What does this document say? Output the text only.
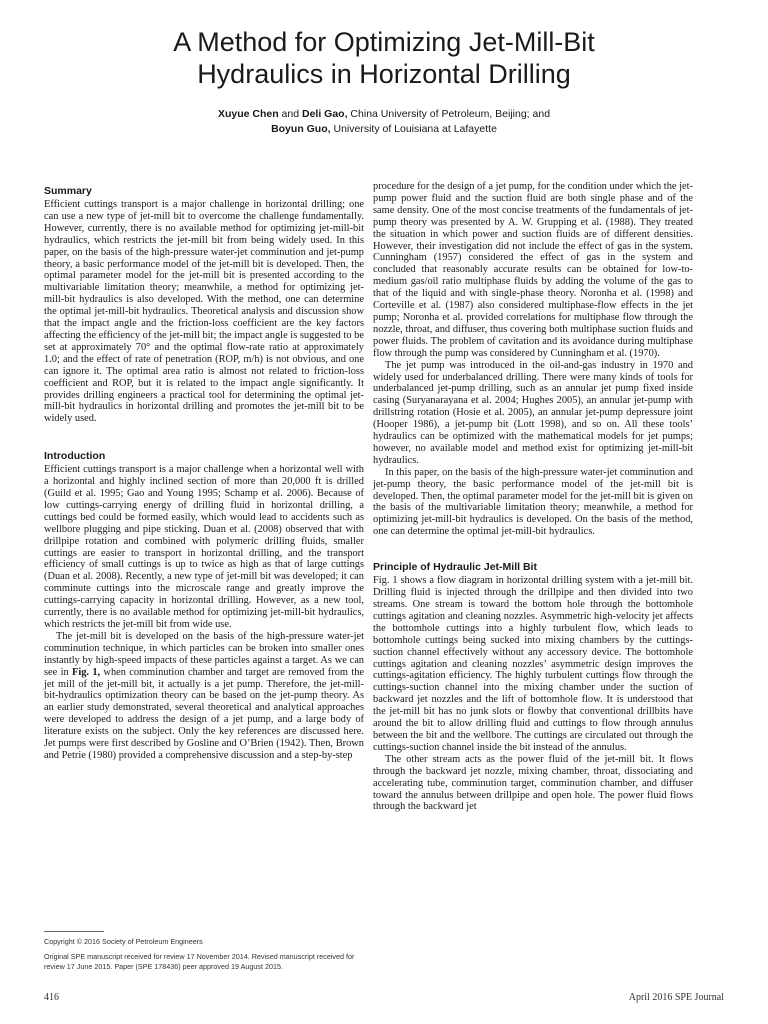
A Method for Optimizing Jet-Mill-Bit
Hydraulics in Horizontal Drilling
Xuyue Chen and Deli Gao, China University of Petroleum, Beijing; and
Boyun Guo, University of Louisiana at Lafayette
Summary

Efficient cuttings transport is a major challenge in horizontal drilling; one can use a new type of jet-mill bit to overcome the challenge fundamentally. However, currently, there is no available method for optimizing jet-mill-bit hydraulics, which restricts the jet-mill bit from being widely used. In this paper, on the basis of the high-pressure water-jet comminution and jet-pump theory, a basic performance model of the jet-mill bit is developed. Then, the optimal parameter model for the jet-mill bit is presented according to the multivariable limitation theory; meanwhile, a method for optimizing jet-mill-bit hydraulics is also developed. With the method, one can determine the optimal jet-mill-bit hydraulics. Theoretical analysis and discussion show that the impact angle and the friction-loss coefficient are the key factors affecting the efficiency of the jet-mill bit; the impact angle is suggested to be set at approximately 70° and the optimal flow-rate ratio at approximately 1.0; and the effect of rate of penetration (ROP, m/h) is not obvious, and one can ignore it. The optimal area ratio is almost not related to friction-loss coefficient and ROP, but it is related to the impact angle significantly. It provides drilling engineers a practical tool for determining the optimal jet-mill-bit hydraulics in horizontal drilling and promotes the jet-mill bit to be widely used.

Introduction

Efficient cuttings transport is a major challenge when a horizontal well with a horizontal and highly inclined section of more than 20,000 ft is drilled (Guild et al. 1995; Gao and Young 1995; Schamp et al. 2006). Because of low cuttings-carrying energy of drilling fluid in horizontal drilling, a cuttings bed could be formed easily, which would lead to accidents such as wellbore plugging and pipe sticking. Duan et al. (2008) observed that with drillpipe rotation and combined with polymeric drilling fluids, smaller cuttings are easier to transport in horizontal drilling, and the transport efficiency of small cuttings is up to twice as high as that of large cuttings (Duan et al. 2008). Recently, a new type of jet-mill bit was developed; it can comminute cuttings into the microscale range and greatly improve the cuttings-carrying capacity in horizontal drilling. However, as a new tool, currently, there is no available method for optimizing jet-mill-bit hydraulics, which restricts the jet-mill bit from wide use.

The jet-mill bit is developed on the basis of the high-pressure water-jet comminution technique, in which particles can be broken into smaller ones instantly by high-speed impacts of these particles against a target. As we can see in Fig. 1, when comminution chamber and target are removed from the jet mill of the jet-mill bit, it actually is a jet pump. Therefore, the jet-mill-bit-hydraulics optimization theory can be based on the jet-pump theory. As an earlier study demonstrated, several theoretical and analytical approaches were developed to address the design of a jet pump, and a large body of literature exists on the subject. Only the key references are discussed here. Jet pumps were first described by Gosline and O’Brien (1942). Then, Brown and Petrie (1980) provided a comprehensive discussion and a step-by-step

procedure for the design of a jet pump, for the condition under which the jet-pump power fluid and the suction fluid are both single phase and of the same density. One of the most concise treatments of the fundamentals of jet-pump theory was presented by A. W. Grupping et al. (1988). They treated the situation in which power and suction fluids are of different densities. However, their investigation did not include the effect of gas in the system. Cunningham (1957) considered the effect of gas in the system and concluded that reasonably accurate results can be obtained for low-to-medium gas/oil ratio multiphase fluids by adding the volume of the gas to that of the liquid and with single-phase theory. Noronha et al. (1998) and Corteville et al. (1987) also considered multiphase-flow effects in the jet pump; Noronha et al. provided correlations for multiphase flow through the nozzle, throat, and diffuser, thus covering both multiphase suction fluids and power fluids. The problem of cavitation and its avoidance during multiphase flow through the pump was considered by Cunningham et al. (1970).

The jet pump was introduced in the oil-and-gas industry in 1970 and widely used for underbalanced drilling. There were many kinds of tools for underbalanced jet-pump drilling, such as an annular jet pump fixed inside casing (Suryanarayana et al. 2004; Hughes 2005), an annular jet-pump with drillstring rotation (Hosie et al. 2005), an annular jet-pump depressure joint (Hooper 1986), a jet-pump bit (Lott 1998), and so on. All these tools’ hydraulics can be optimized with the mathematical models for jet pumps; however, no available model and method exist for optimizing jet-mill-bit hydraulics.

In this paper, on the basis of the high-pressure water-jet comminution and jet-pump theory, the basic performance model of the jet-mill bit is developed. Then, the optimal parameter model for the jet-mill bit is given on the basis of the multivariable limitation theory; meanwhile, a method for optimizing jet-mill-bit hydraulics is developed. On the basis of the method, one can determine the optimal jet-mill-bit hydraulics.

Principle of Hydraulic Jet-Mill Bit

Fig. 1 shows a flow diagram in horizontal drilling system with a jet-mill bit. Drilling fluid is injected through the drillpipe and then divided into two streams. One stream is toward the bottom hole through the bottomhole cuttings agitation and cleaning nozzles. Asymmetric high-velocity jet affects the bottomhole cuttings into a highly turbulent flow, which leads to bottomhole cuttings being sucked into mixing chambers by the cuttings-suction channel effectively without any accessory device. The bottomhole cuttings agitation and cleaning nozzles’ asymmetric design improves the cuttings-agitation efficiency. The highly turbulent cuttings flow through the cuttings-suction channel into the mixing chamber under the suction of backward jet nozzles and the lift of bottomhole flow. It is understood that the jet-mill bit has no junk slots or flowby that conventional drillbits have around the bit to allow drilling fluid and cuttings to flow through annulus between the bit and the wellbore. The cuttings are circulated out through the cuttings-suction channel inside the bit instead of the annulus.

The other stream acts as the power fluid of the jet-mill bit. It flows through the backward jet nozzle, mixing chamber, throat, dissociating and accelerating tube, comminution target, comminution chamber, and diffuser toward the annulus between drillpipe and open hole. The power fluid flows through the backward jet

Copyright © 2016 Society of Petroleum Engineers
Original SPE manuscript received for review 17 November 2014. Revised manuscript received for review 17 June 2015. Paper (SPE 178436) peer approved 19 August 2015.
416	April 2016 SPE Journal
